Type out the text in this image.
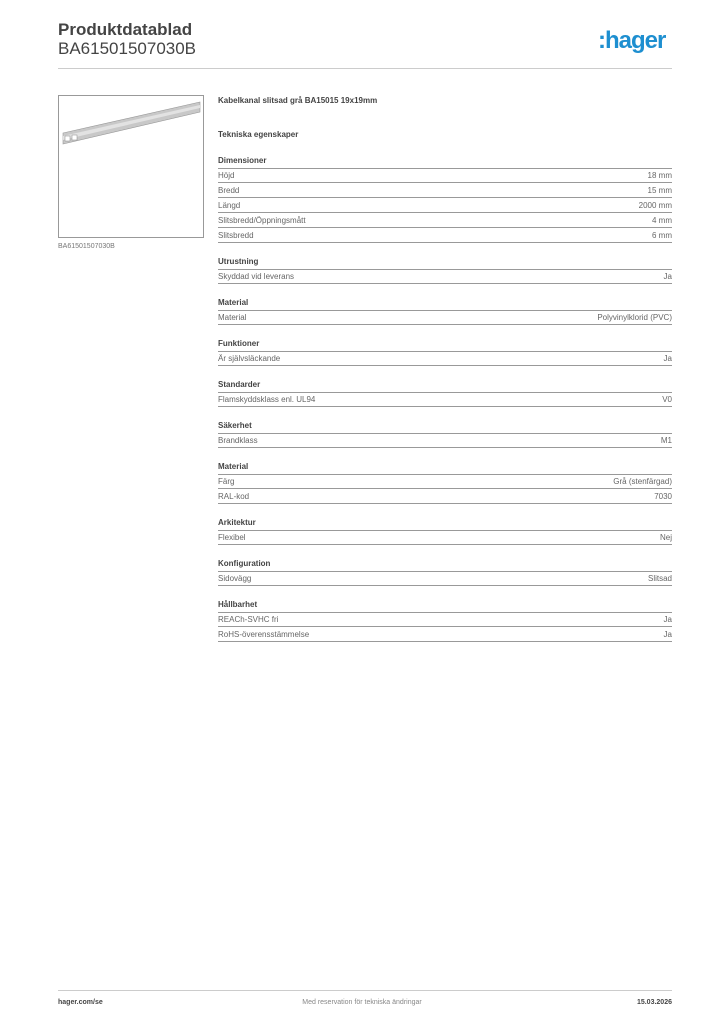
Produktdatablad
BA61501507030B	:hager
BA61501507030B
Kabelkanal slitsad grå BA15015 19x19mm
Tekniska egenskaper
Dimensioner
Höjd	18 mm
Bredd	15 mm
Längd	2000 mm
Slitsbredd/Öppningsmått	4 mm
Slitsbredd	6 mm
Utrustning
Skyddad vid leverans	Ja
Material
Material	Polyvinylklorid (PVC)
Funktioner
Är självsläckande	Ja
Standarder
Flamskyddsklass enl. UL94	V0
Säkerhet
Brandklass	M1
Material
Färg	Grå (stenfärgad)
RAL-kod	7030
Arkitektur
Flexibel	Nej
Konfiguration
Sidovägg	Slitsad
Hållbarhet
REACh-SVHC fri	Ja
RoHS-överensstämmelse	Ja
hager.com/se	Med reservation för tekniska ändringar	15.03.2026
